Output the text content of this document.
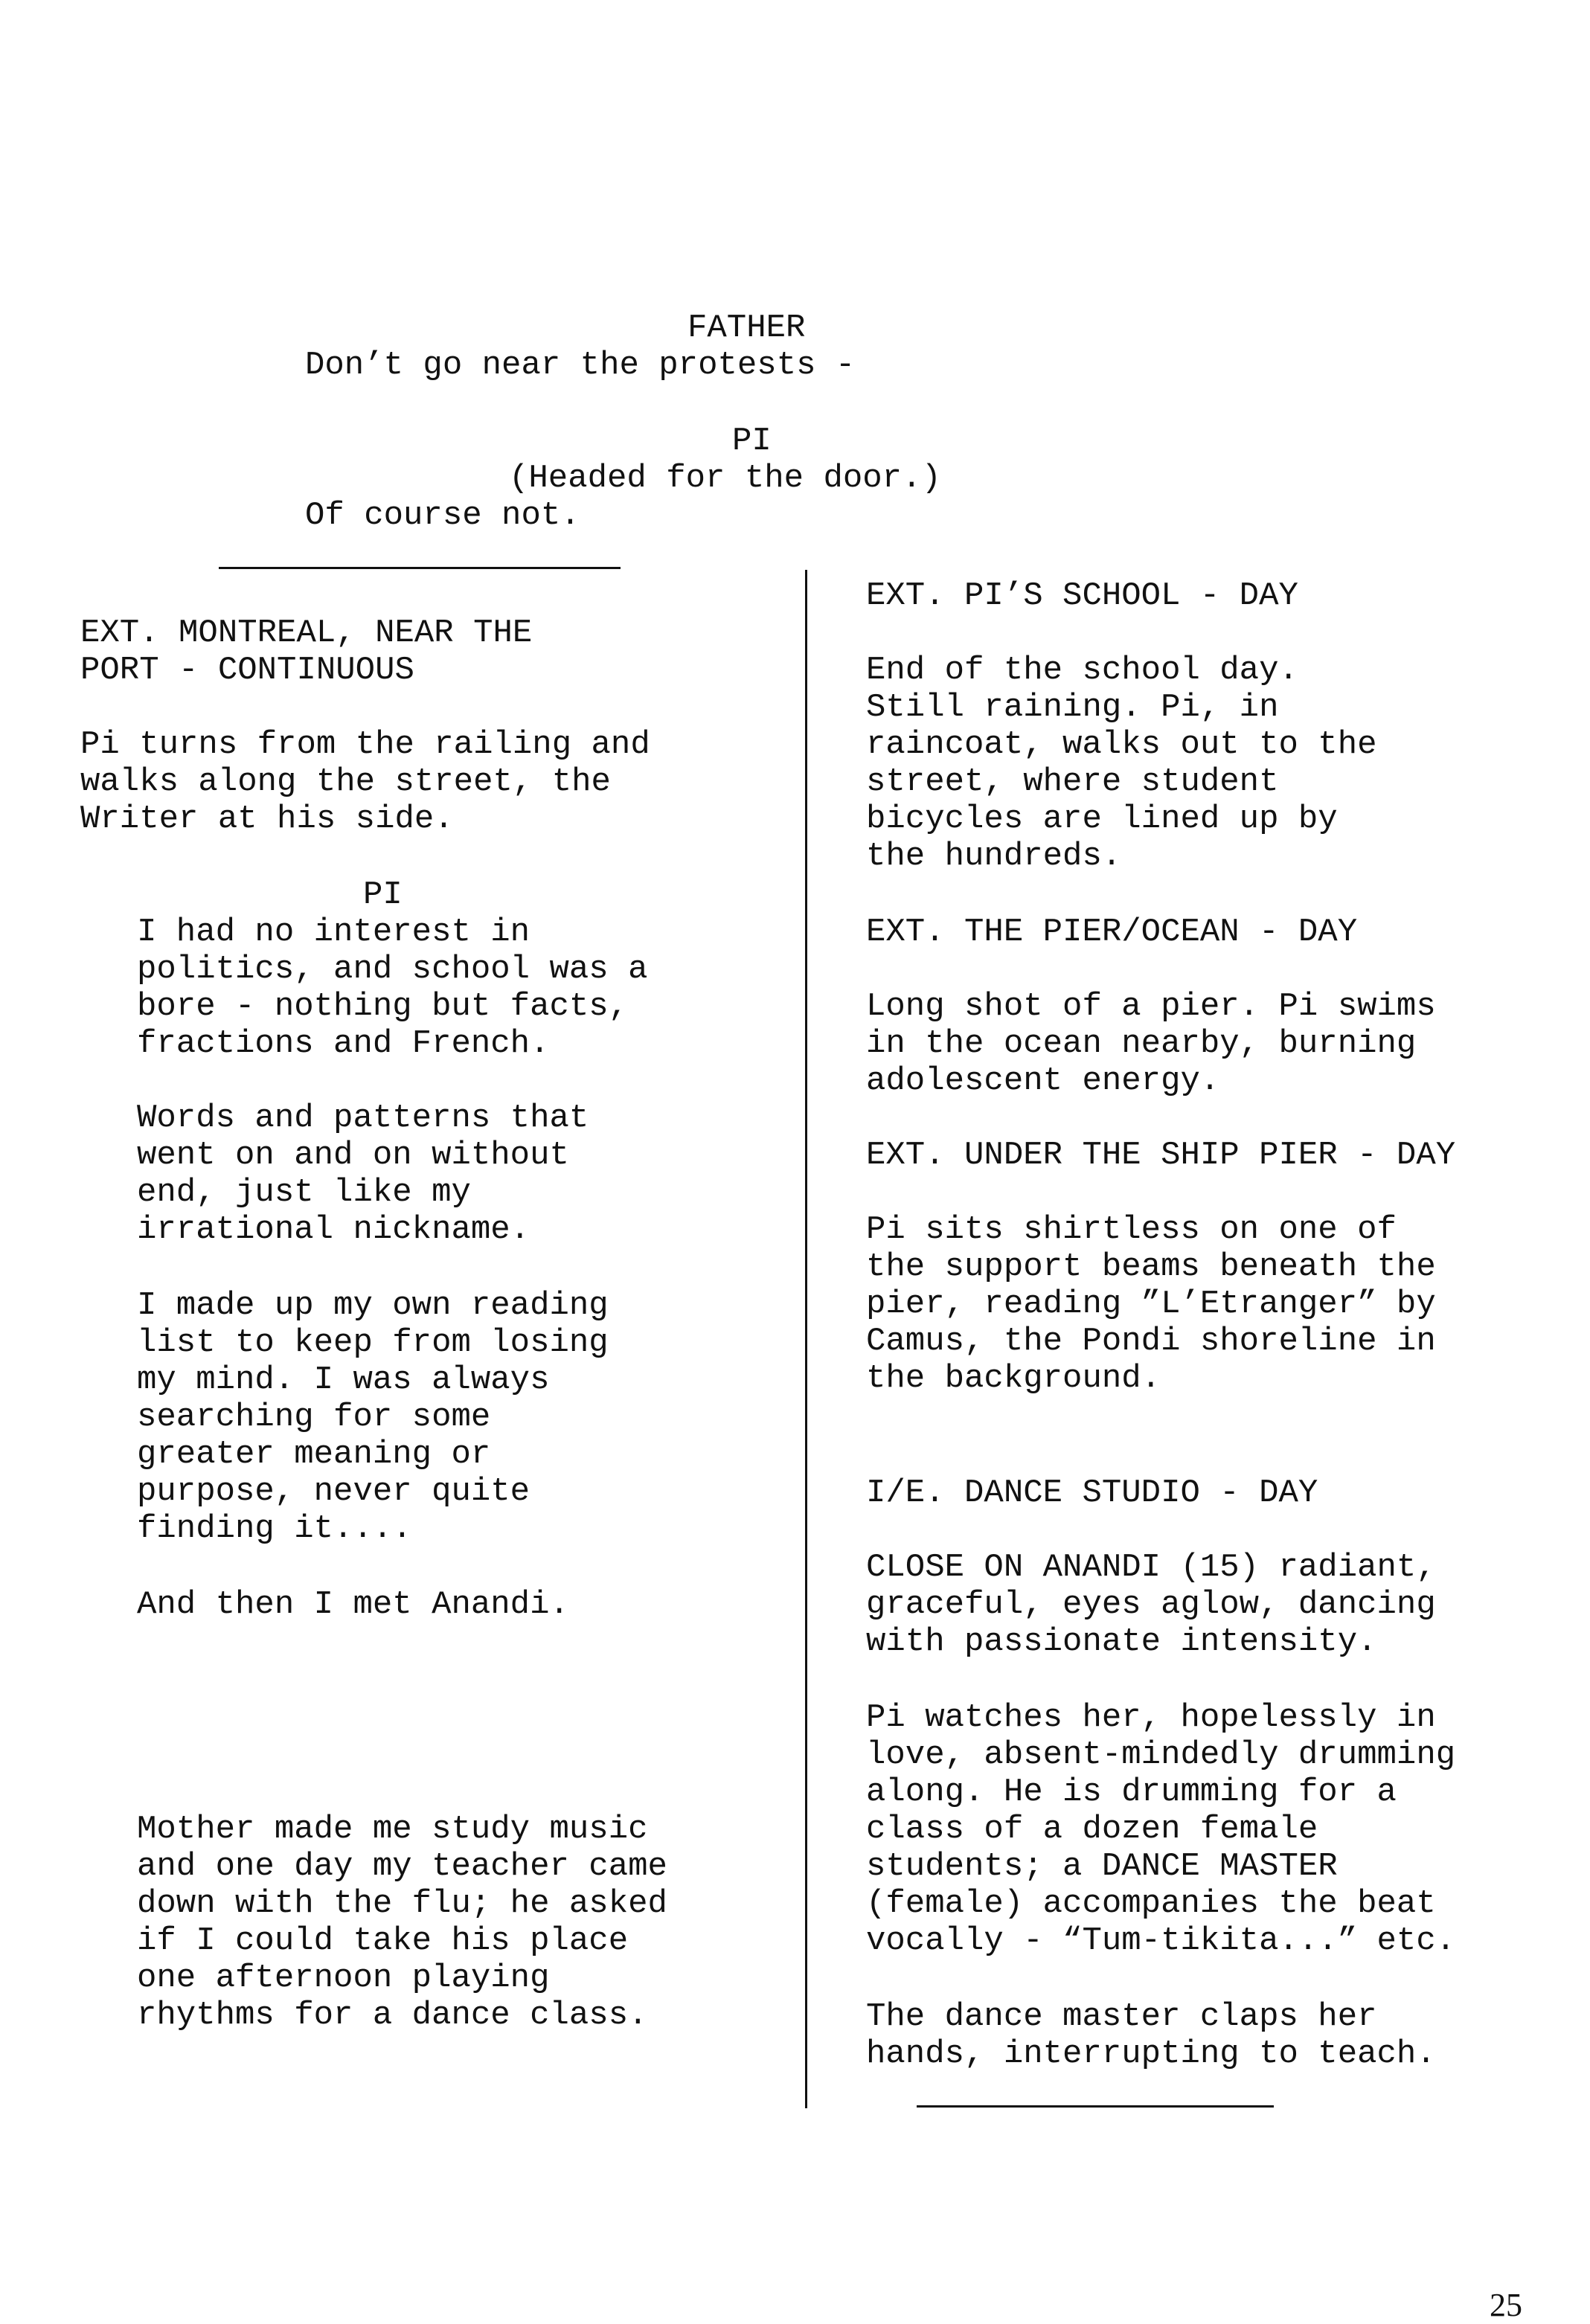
FATHER
Don’t go near the protests -
PI
(Headed for the door.)
Of course not.
EXT. MONTREAL, NEAR THE
PORT - CONTINUOUS
Pi turns from the railing and
walks along the street, the
Writer at his side.
PI
I had no interest in
politics, and school was a
bore - nothing but facts,
fractions and French.
Words and patterns that
went on and on without
end, just like my
irrational nickname.
I made up my own reading
list to keep from losing
my mind. I was always
searching for some
greater meaning or
purpose, never quite
finding it....
And then I met Anandi.
Mother made me study music
and one day my teacher came
down with the flu; he asked
if I could take his place
one afternoon playing
rhythms for a dance class.
EXT. PI’S SCHOOL - DAY
End of the school day.
Still raining. Pi, in
raincoat, walks out to the
street, where student
bicycles are lined up by
the hundreds.
EXT. THE PIER/OCEAN - DAY
Long shot of a pier. Pi swims
in the ocean nearby, burning
adolescent energy.
EXT. UNDER THE SHIP PIER - DAY
Pi sits shirtless on one of
the support beams beneath the
pier, reading ”L’Etranger” by
Camus, the Pondi shoreline in
the background.
I/E. DANCE STUDIO - DAY
CLOSE ON ANANDI (15) radiant,
graceful, eyes aglow, dancing
with passionate intensity.
Pi watches her, hopelessly in
love, absent-mindedly drumming
along. He is drumming for a
class of a dozen female
students; a DANCE MASTER
(female) accompanies the beat
vocally - “Tum-tikita...” etc.
The dance master claps her
hands, interrupting to teach.
25
